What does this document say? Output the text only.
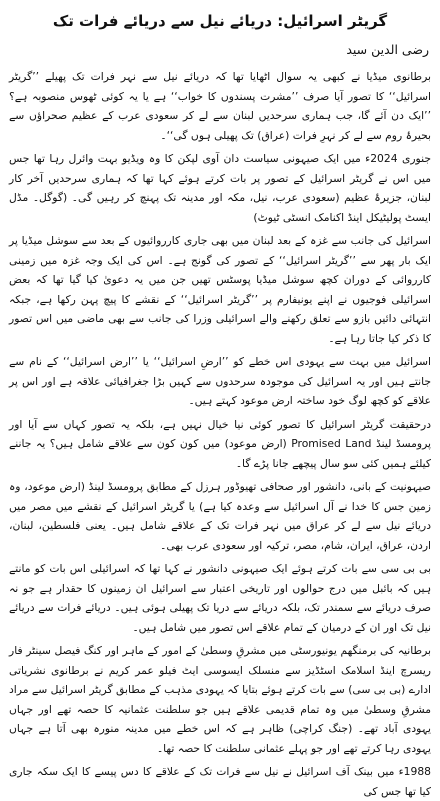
گریٹر اسرائیل: دریائے نیل سے دریائے فرات تک
رضی الدین سید

برطانوی میڈیا نے کبھی یہ سوال اٹھایا تھا کہ دریائے نیل سے نہر فرات تک پھیلے ’’گریٹر اسرائیل‘‘ کا تصور آیا صرف ’’مشرت پسندوں کا خواب‘‘ ہے یا یہ کوئی ٹھوس منصوبہ ہے؟ ’’ایک دن آئے گا، جب ہماری سرحدیں لبنان سے لے کر سعودی عرب کے عظیم صحراؤں سے بحیرۂ روم سے لے کر نہرِ فرات (عراق) تک پھیلی ہوں گی‘‘۔

جنوری 2024ء میں ایک صیہونی سیاست دان آوی لپکن کا وہ ویڈیو بہت وائرل رہا تھا جس میں اس نے گریٹر اسرائیل کے تصور پر بات کرتے ہوئے کہا تھا کہ ہماری سرحدیں آخر کار لبنان، جزیرۂ عظیم (سعودی عرب، نیل، مکہ اور مدینہ تک پہنچ کر رہیں گی۔ (گوگل۔ مڈل ایسٹ پولیٹیکل اینڈ اکنامک انسٹی ٹیوٹ)

اسرائیل کی جانب سے غزہ کے بعد لبنان میں بھی جاری کارروائیوں کے بعد سے سوشل میڈیا پر ایک بار پھر سے ’’گریٹر اسرائیل‘‘ کے تصور کی گونج ہے۔ اس کی ایک وجہ غزہ میں زمینی کارروائی کے دوران کچھ سوشل میڈیا پوسٹس تھیں جن میں یہ دعویٰ کیا گیا تھا کہ بعض اسرائیلی فوجیوں نے اپنے یونیفارم پر ’’گریٹر اسرائیل‘‘ کے نقشے کا پیچ پہن رکھا ہے، جبکہ انتہائی دائیں بازو سے تعلق رکھنے والے اسرائیلی وزرا کی جانب سے بھی ماضی میں اس تصور کا ذکر کیا جاتا رہا ہے۔

اسرائیل میں بہت سے یہودی اس خطے کو ’’ارضِ اسرائیل‘‘ یا ’’ارض اسرائیل‘‘ کے نام سے جانتے ہیں اور یہ اسرائیل کی موجودہ سرحدوں سے کہیں بڑا جغرافیائی علاقہ ہے اور اس پر علاقے کو کچھ لوگ خود ساختہ ارض موعود کہتے ہیں۔

درحقیقت گریٹر اسرائیل کا تصور کوئی نیا خیال نہیں ہے، بلکہ یہ تصور کہاں سے آیا اور پرومسڈ لینڈ Promised Land (ارض موعود) میں کون کون سے علاقے شامل ہیں؟ یہ جاننے کیلئے ہمیں کئی سو سال پیچھے جانا پڑے گا۔

صیہونیت کے بانی، دانشور اور صحافی تھیوڈور ہرزل کے مطابق پرومسڈ لینڈ (ارض موعود، وہ زمین جس کا خدا نے آل اسرائیل سے وعدہ کیا ہے) یا گریٹر اسرائیل کے نقشے میں مصر میں دریائے نیل سے لے کر عراق میں نہر فرات تک کے علاقے شامل ہیں۔ یعنی فلسطین، لبنان، اردن، عراق، ایران، شام، مصر، ترکیہ اور سعودی عرب بھی۔

بی بی سی سے بات کرتے ہوئے ایک صیہونی دانشور نے کہا تھا کہ اسرائیلی اس بات کو مانتے ہیں کہ بائبل میں درج حوالوں اور تاریخی اعتبار سے اسرائیل ان زمینوں کا حقدار ہے جو نہ صرف دریائے سے سمندر تک، بلکہ دریائے سے دریا تک پھیلی ہوئی ہیں۔ دریائے فرات سے دریائے نیل تک اور ان کے درمیان کے تمام علاقے اس تصور میں شامل ہیں۔

برطانیہ کی برمنگھم یونیورسٹی میں مشرقِ وسطیٰ کے امور کے ماہر اور کنگ فیصل سینٹر فار ریسرچ اینڈ اسلامک اسٹڈیز سے منسلک ایسوسی ایٹ فیلو عمر کریم نے برطانوی نشریاتی ادارے (بی بی سی) سے بات کرتے ہوئے بتایا کہ یہودی مذہب کے مطابق گریٹر اسرائیل سے مراد مشرقِ وسطیٰ میں وہ تمام قدیمی علاقے ہیں جو سلطنت عثمانیہ کا حصہ تھے اور جہاں یہودی آباد تھے۔ (جنگ کراچی) ظاہر ہے کہ اس خطے میں مدینہ منورہ بھی آتا ہے جہاں یہودی رہا کرتے تھے اور جو پہلے عثمانی سلطنت کا حصہ تھا۔

1988ء میں بینک آف اسرائیل نے نیل سے فرات تک کے علاقے کا دس پیسے کا ایک سکہ جاری کیا تھا جس کی
